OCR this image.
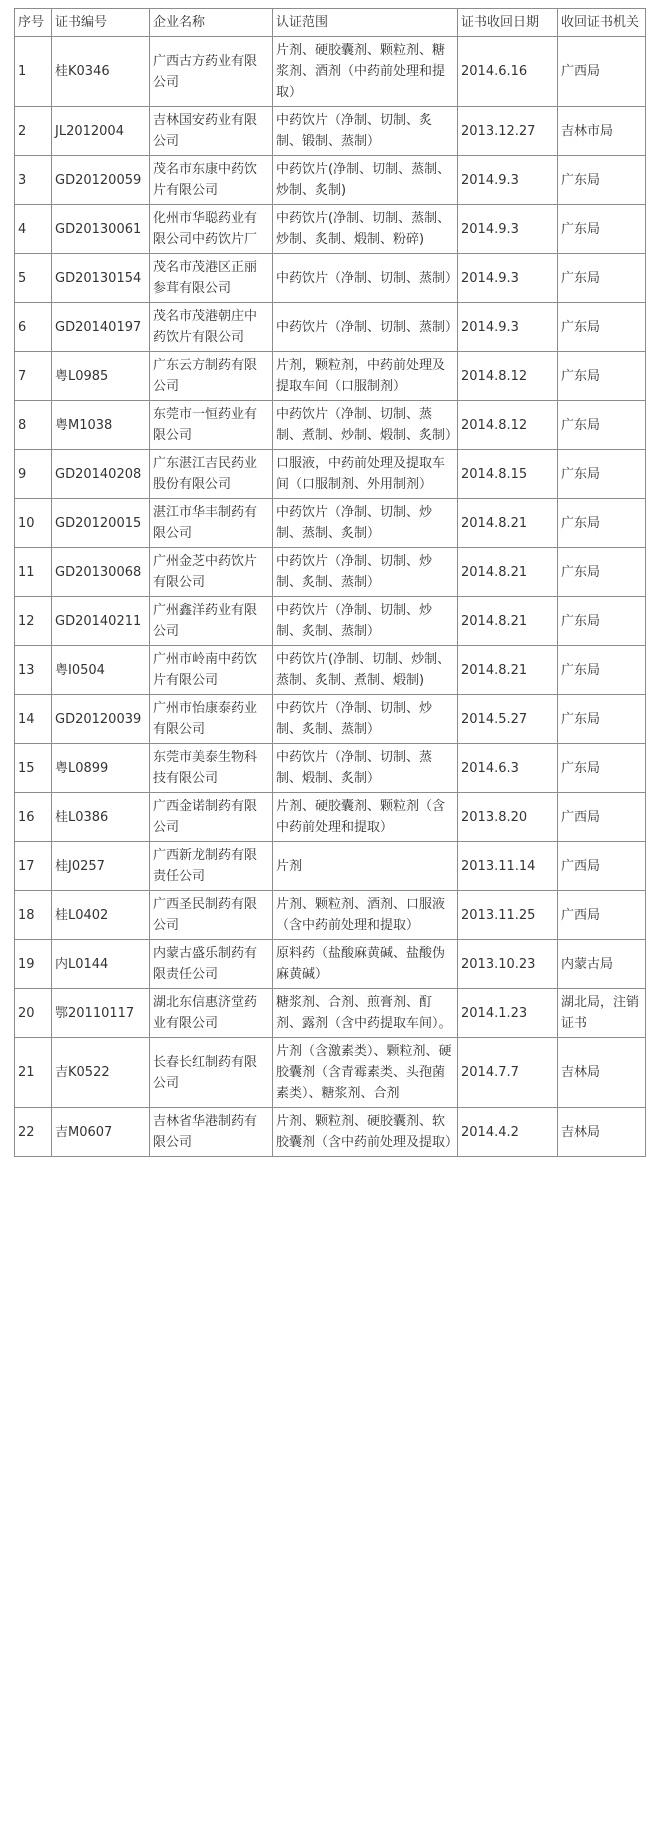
序号	证书编号	企业名称	认证范围	证书收回日期	收回证书机关
1	桂K0346	广西古方药业有限公司	片剂、硬胶囊剂、颗粒剂、糖浆剂、酒剂（中药前处理和提取）	2014.6.16	广西局
2	JL2012004	吉林国安药业有限公司	中药饮片（净制、切制、炙制、锻制、蒸制）	2013.12.27	吉林市局
3	GD20120059	茂名市东康中药饮片有限公司	中药饮片(净制、切制、蒸制、炒制、炙制)	2014.9.3	广东局
4	GD20130061	化州市华聪药业有限公司中药饮片厂	中药饮片(净制、切制、蒸制、炒制、炙制、煅制、粉碎)	2014.9.3	广东局
5	GD20130154	茂名市茂港区正丽参茸有限公司	中药饮片（净制、切制、蒸制）	2014.9.3	广东局
6	GD20140197	茂名市茂港朝庄中药饮片有限公司	中药饮片（净制、切制、蒸制）	2014.9.3	广东局
7	粤L0985	广东云方制药有限公司	片剂，颗粒剂，中药前处理及提取车间（口服制剂）	2014.8.12	广东局
8	粤M1038	东莞市一恒药业有限公司	中药饮片（净制、切制、蒸制、煮制、炒制、煅制、炙制）	2014.8.12	广东局
9	GD20140208	广东湛江吉民药业股份有限公司	口服液，中药前处理及提取车间（口服制剂、外用制剂）	2014.8.15	广东局
10	GD20120015	湛江市华丰制药有限公司	中药饮片（净制、切制、炒制、蒸制、炙制）	2014.8.21	广东局
11	GD20130068	广州金芝中药饮片有限公司	中药饮片（净制、切制、炒制、炙制、蒸制）	2014.8.21	广东局
12	GD20140211	广州鑫洋药业有限公司	中药饮片（净制、切制、炒制、炙制、蒸制）	2014.8.21	广东局
13	粤I0504	广州市岭南中药饮片有限公司	中药饮片(净制、切制、炒制、蒸制、炙制、煮制、煅制)	2014.8.21	广东局
14	GD20120039	广州市怡康泰药业有限公司	中药饮片（净制、切制、炒制、炙制、蒸制）	2014.5.27	广东局
15	粤L0899	东莞市美泰生物科技有限公司	中药饮片（净制、切制、蒸制、煅制、炙制）	2014.6.3	广东局
16	桂L0386	广西金诺制药有限公司	片剂、硬胶囊剂、颗粒剂（含中药前处理和提取）	2013.8.20	广西局
17	桂J0257	广西新龙制药有限责任公司	片剂	2013.11.14	广西局
18	桂L0402	广西圣民制药有限公司	片剂、颗粒剂、酒剂、口服液（含中药前处理和提取）	2013.11.25	广西局
19	内L0144	内蒙古盛乐制药有限责任公司	原料药（盐酸麻黄碱、盐酸伪麻黄碱）	2013.10.23	内蒙古局
20	鄂20110117	湖北东信惠济堂药业有限公司	糖浆剂、合剂、煎膏剂、酊剂、露剂（含中药提取车间）。	2014.1.23	湖北局，注销证书
21	吉K0522	长春长红制药有限公司	片剂（含激素类）、颗粒剂、硬胶囊剂（含青霉素类、头孢菌素类）、糖浆剂、合剂	2014.7.7	吉林局
22	吉M0607	吉林省华港制药有限公司	片剂、颗粒剂、硬胶囊剂、软胶囊剂（含中药前处理及提取）	2014.4.2	吉林局
